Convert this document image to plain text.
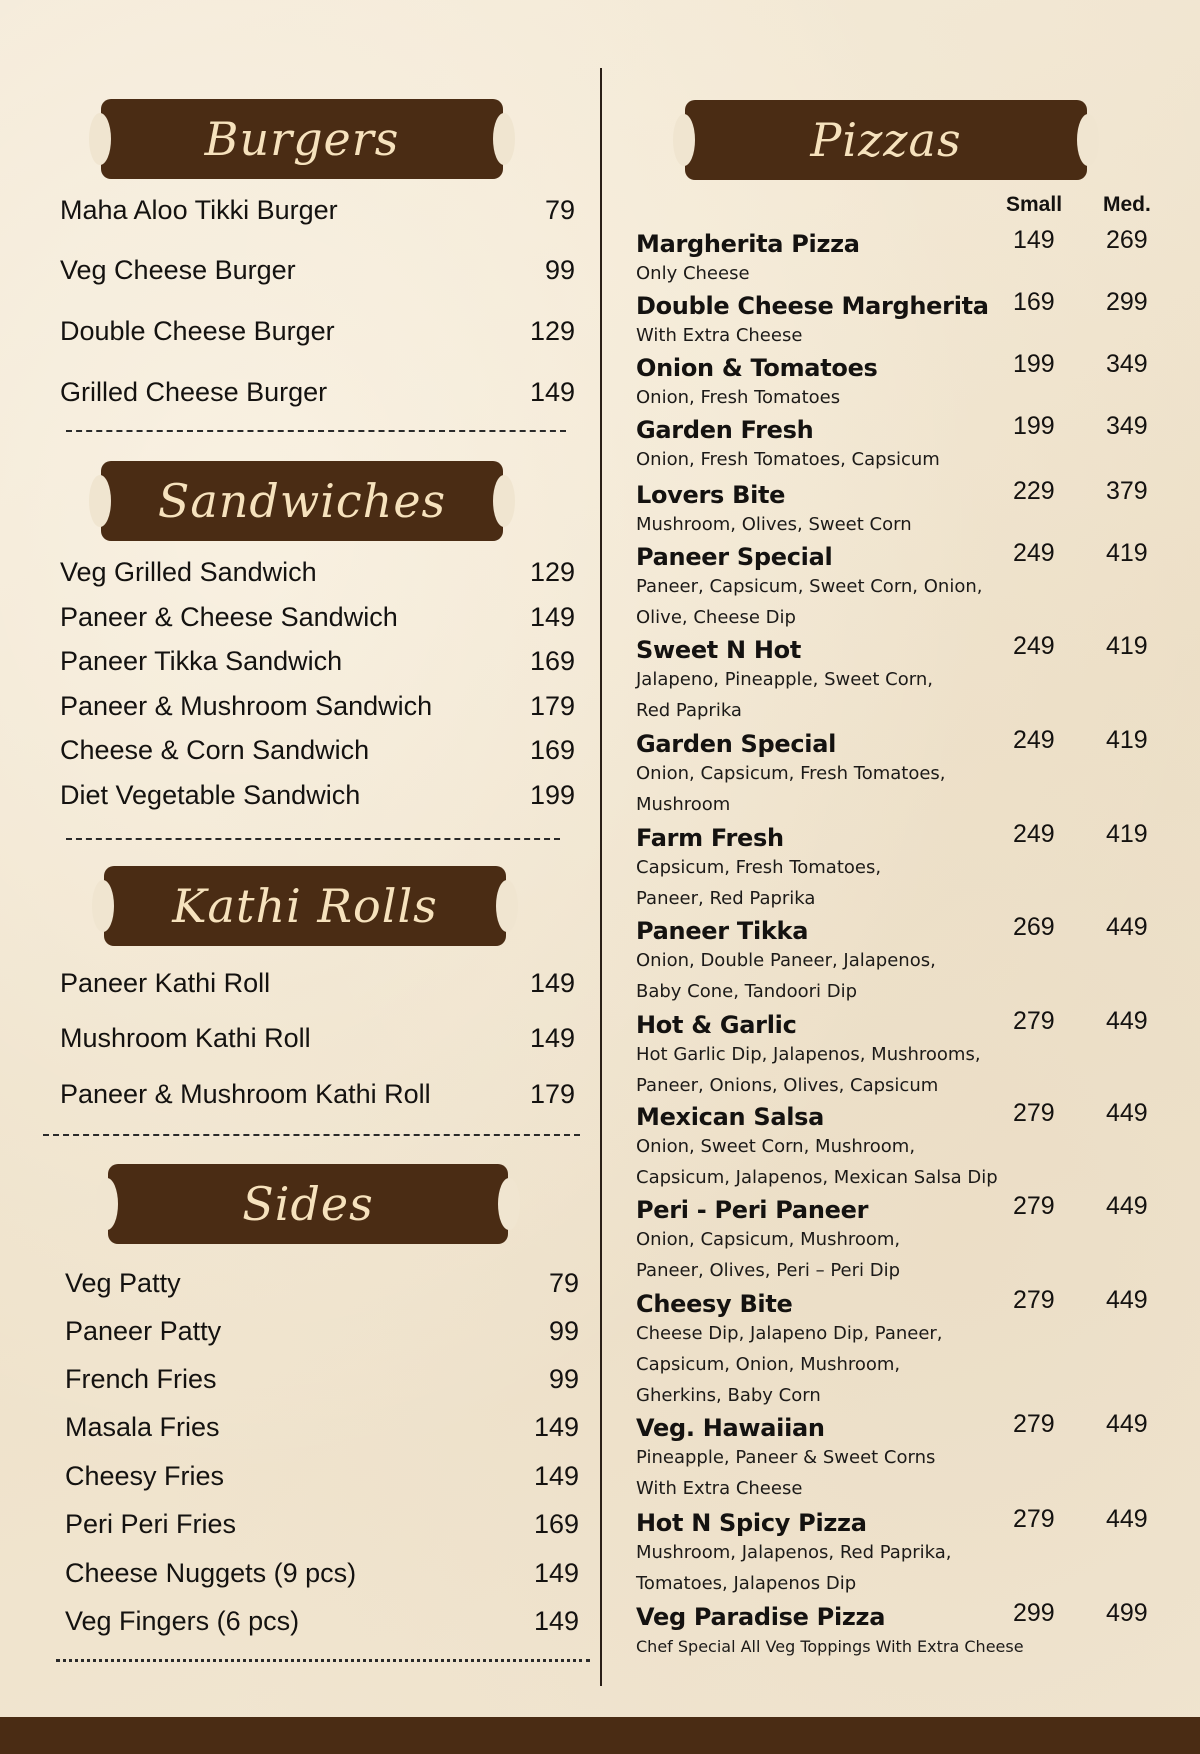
Burgers
Maha Aloo Tikki Burger	79
Veg Cheese Burger	99
Double Cheese Burger	129
Grilled Cheese Burger	149
Sandwiches
Veg Grilled Sandwich	129
Paneer & Cheese Sandwich	149
Paneer Tikka Sandwich	169
Paneer & Mushroom Sandwich	179
Cheese & Corn Sandwich	169
Diet Vegetable Sandwich	199
Kathi Rolls
Paneer Kathi Roll	149
Mushroom Kathi Roll	149
Paneer & Mushroom Kathi Roll	179
Sides
Veg Patty	79
Paneer Patty	99
French Fries	99
Masala Fries	149
Cheesy Fries	149
Peri Peri Fries	169
Cheese Nuggets (9 pcs)	149
Veg Fingers (6 pcs)	149
Pizzas
Small Med.
Margherita Pizza
Only Cheese
149 269
Double Cheese Margherita
With Extra Cheese
169 299
Onion & Tomatoes
Onion, Fresh Tomatoes
199 349
Garden Fresh
Onion, Fresh Tomatoes, Capsicum
199 349
Lovers Bite
Mushroom, Olives, Sweet Corn
229 379
Paneer Special
Paneer, Capsicum, Sweet Corn, Onion,
Olive, Cheese Dip
249 419
Sweet N Hot
Jalapeno, Pineapple, Sweet Corn,
Red Paprika
249 419
Garden Special
Onion, Capsicum, Fresh Tomatoes,
Mushroom
249 419
Farm Fresh
Capsicum, Fresh Tomatoes,
Paneer, Red Paprika
249 419
Paneer Tikka
Onion, Double Paneer, Jalapenos,
Baby Cone, Tandoori Dip
269 449
Hot & Garlic
Hot Garlic Dip, Jalapenos, Mushrooms,
Paneer, Onions, Olives, Capsicum
279 449
Mexican Salsa
Onion, Sweet Corn, Mushroom,
Capsicum, Jalapenos, Mexican Salsa Dip
279 449
Peri - Peri Paneer
Onion, Capsicum, Mushroom,
Paneer, Olives, Peri – Peri Dip
279 449
Cheesy Bite
Cheese Dip, Jalapeno Dip, Paneer,
Capsicum, Onion, Mushroom,
Gherkins, Baby Corn
279 449
Veg. Hawaiian
Pineapple, Paneer & Sweet Corns
With Extra Cheese
279 449
Hot N Spicy Pizza
Mushroom, Jalapenos, Red Paprika,
Tomatoes, Jalapenos Dip
279 449
Veg Paradise Pizza
Chef Special All Veg Toppings With Extra Cheese
299 499
